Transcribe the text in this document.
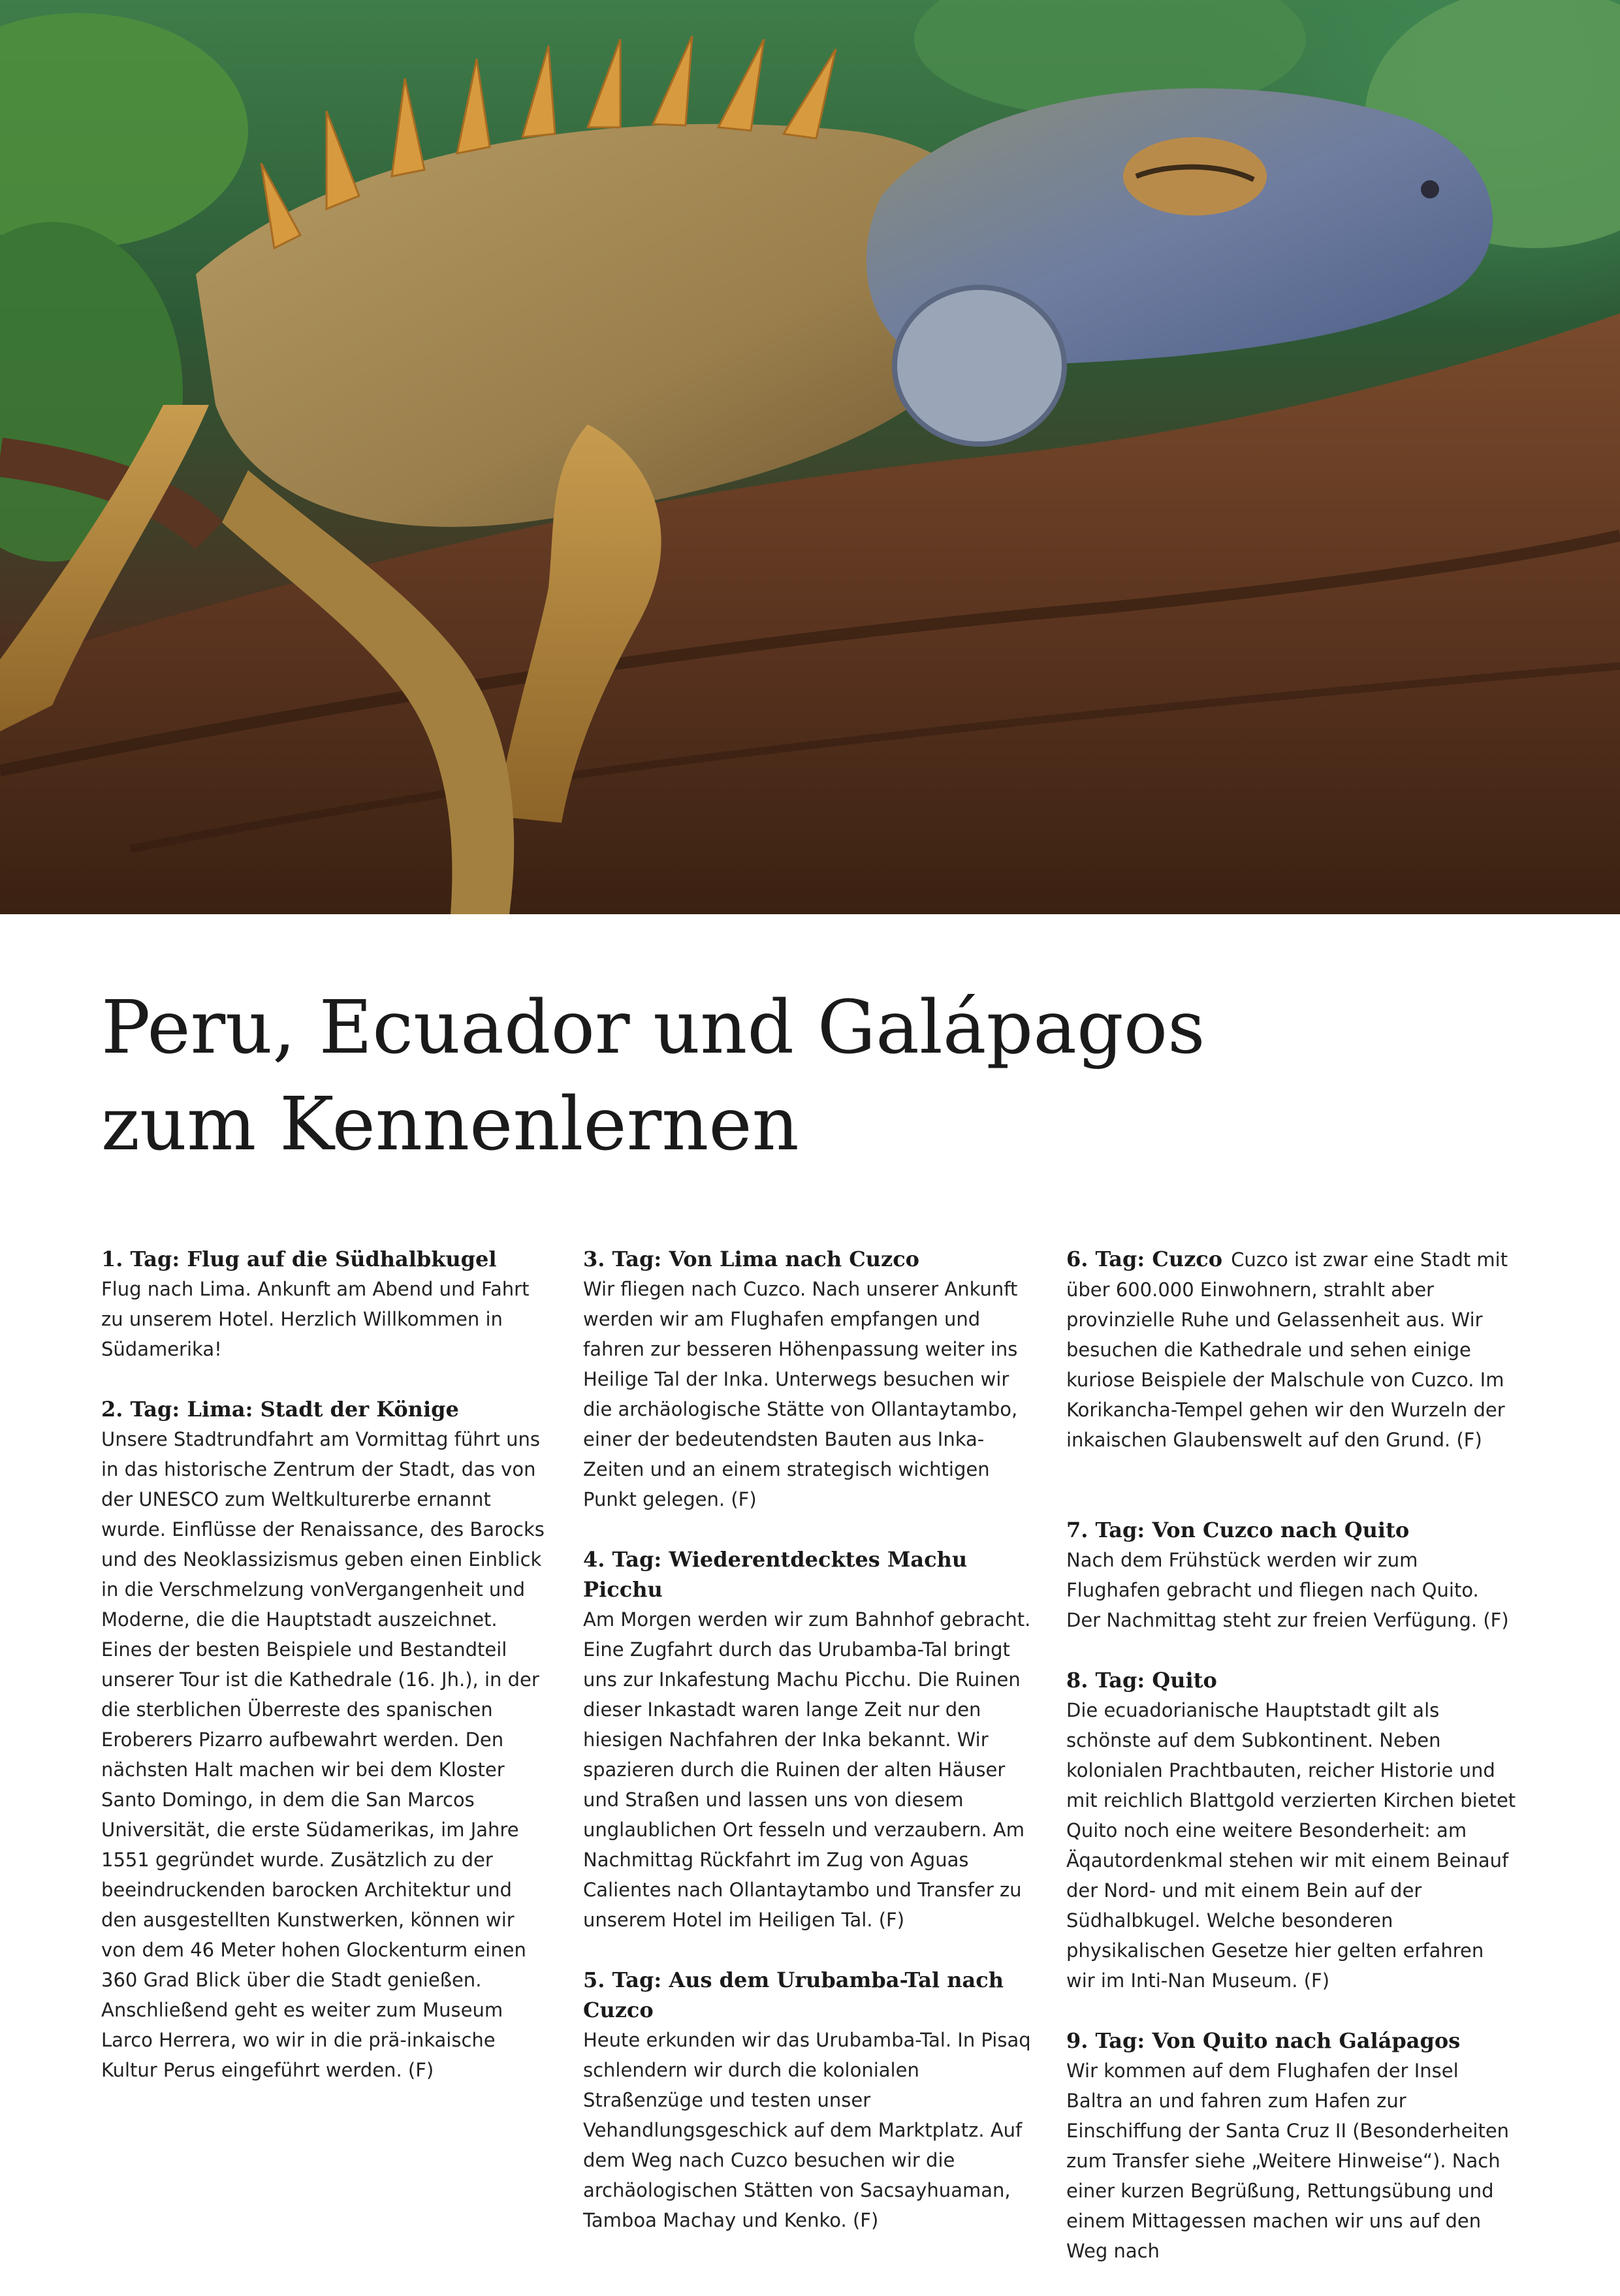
Peru, Ecuador und Galápagos
zum Kennenlernen
1. Tag: Flug auf die Südhalbkugel
Flug nach Lima. Ankunft am Abend und Fahrt zu unserem Hotel. Herzlich Willkommen in Südamerika!
2. Tag: Lima: Stadt der Könige
Unsere Stadtrundfahrt am Vormittag führt uns in das historische Zentrum der Stadt, das von der UNESCO zum Weltkulturerbe ernannt wurde. Einflüsse der Renaissance, des Barocks und des Neoklassizismus geben einen Einblick in die Verschmelzung vonVergangenheit und Moderne, die die Hauptstadt auszeichnet. Eines der besten Beispiele und Bestandteil unserer Tour ist die Kathedrale (16. Jh.), in der die sterblichen Überreste des spanischen Eroberers Pizarro aufbewahrt werden. Den nächsten Halt machen wir bei dem Kloster Santo Domingo, in dem die San Marcos Universität, die erste Südamerikas, im Jahre 1551 gegründet wurde. Zusätzlich zu der beeindruckenden barocken Architektur und den ausgestellten Kunstwerken, können wir von dem 46 Meter hohen Glockenturm einen 360 Grad Blick über die Stadt genießen. Anschließend geht es weiter zum Museum Larco Herrera, wo wir in die prä-inkaische Kultur Perus eingeführt werden. (F)
3. Tag: Von Lima nach Cuzco
Wir fliegen nach Cuzco. Nach unserer Ankunft werden wir am Flughafen empfangen und fahren zur besseren Höhenpassung weiter ins Heilige Tal der Inka. Unterwegs besuchen wir die archäologische Stätte von Ollantaytambo, einer der bedeutendsten Bauten aus Inka-Zeiten und an einem strategisch wichtigen Punkt gelegen. (F)
4. Tag: Wiederentdecktes Machu Picchu
Am Morgen werden wir zum Bahnhof gebracht. Eine Zugfahrt durch das Urubamba-Tal bringt uns zur Inkafestung Machu Picchu. Die Ruinen dieser Inkastadt waren lange Zeit nur den hiesigen Nachfahren der Inka bekannt. Wir spazieren durch die Ruinen der alten Häuser und Straßen und lassen uns von diesem unglaublichen Ort fesseln und verzaubern. Am Nachmittag Rückfahrt im Zug von Aguas Calientes nach Ollantaytambo und Transfer zu unserem Hotel im Heiligen Tal. (F)
5. Tag: Aus dem Urubamba-Tal nach Cuzco
Heute erkunden wir das Urubamba-Tal. In Pisaq schlendern wir durch die kolonialen Straßenzüge und testen unser Vehandlungsgeschick auf dem Marktplatz. Auf dem Weg nach Cuzco besuchen wir die archäologischen Stätten von Sacsayhuaman, Tamboa Machay und Kenko. (F)
6. Tag: Cuzco Cuzco ist zwar eine Stadt mit über 600.000 Einwohnern, strahlt aber provinzielle Ruhe und Gelassenheit aus. Wir besuchen die Kathedrale und sehen einige kuriose Beispiele der Malschule von Cuzco. Im Korikancha-Tempel gehen wir den Wurzeln der inkaischen Glaubenswelt auf den Grund. (F)
7. Tag: Von Cuzco nach Quito
Nach dem Frühstück werden wir zum Flughafen gebracht und fliegen nach Quito. Der Nachmittag steht zur freien Verfügung. (F)
8. Tag: Quito
Die ecuadorianische Hauptstadt gilt als schönste auf dem Subkontinent. Neben kolonialen Prachtbauten, reicher Historie und mit reichlich Blattgold verzierten Kirchen bietet Quito noch eine weitere Besonderheit: am Äqautordenkmal stehen wir mit einem Beinauf der Nord- und mit einem Bein auf der Südhalbkugel. Welche besonderen physikalischen Gesetze hier gelten erfahren wir im Inti-Nan Museum. (F)
9. Tag: Von Quito nach Galápagos
Wir kommen auf dem Flughafen der Insel Baltra an und fahren zum Hafen zur Einschiffung der Santa Cruz II (Besonderheiten zum Transfer siehe „Weitere Hinweise“). Nach einer kurzen Begrüßung, Rettungsübung und einem Mittagessen machen wir uns auf den Weg nach
